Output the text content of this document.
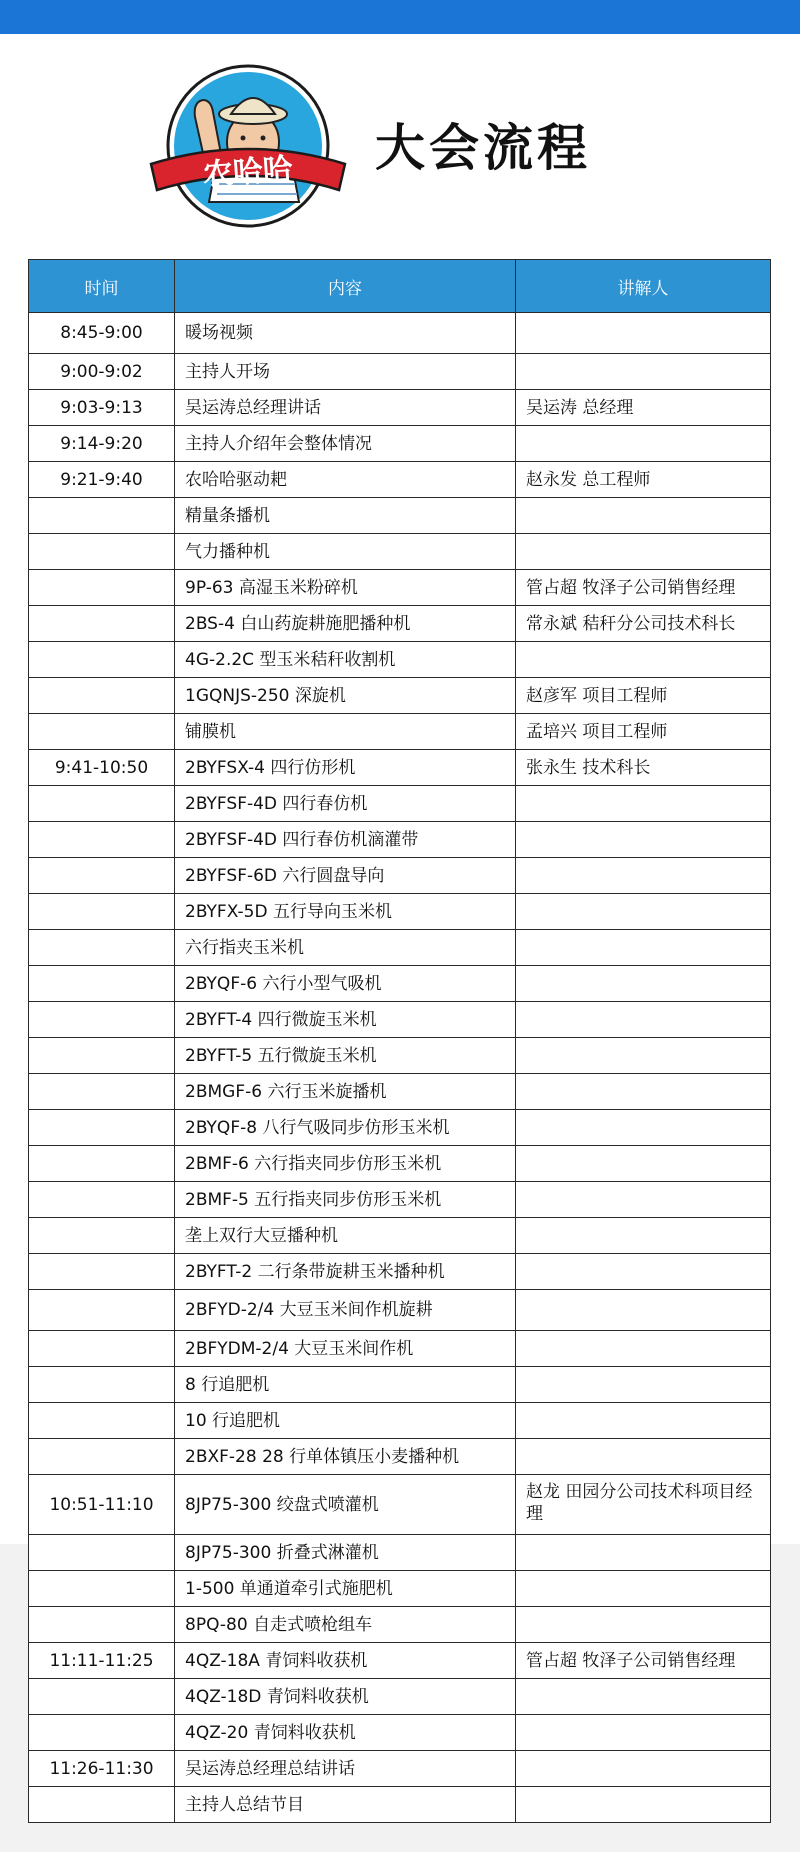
农哈哈 大会流程
时间	内容	讲解人
8:45-9:00	暖场视频	
9:00-9:02	主持人开场	
9:03-9:13	吴运涛总经理讲话	吴运涛 总经理
9:14-9:20	主持人介绍年会整体情况	
9:21-9:40	农哈哈驱动耙	赵永发 总工程师
	精量条播机	
	气力播种机	
	9P-63 高湿玉米粉碎机	管占超 牧泽子公司销售经理
	2BS-4 白山药旋耕施肥播种机	常永斌 秸秆分公司技术科长
	4G-2.2C 型玉米秸秆收割机	
	1GQNJS-250 深旋机	赵彦军 项目工程师
	铺膜机	孟培兴 项目工程师
9:41-10:50	2BYFSX-4 四行仿形机	张永生 技术科长
	2BYFSF-4D 四行春仿机	
	2BYFSF-4D 四行春仿机滴灌带	
	2BYFSF-6D 六行圆盘导向	
	2BYFX-5D 五行导向玉米机	
	六行指夹玉米机	
	2BYQF-6 六行小型气吸机	
	2BYFT-4 四行微旋玉米机	
	2BYFT-5 五行微旋玉米机	
	2BMGF-6 六行玉米旋播机	
	2BYQF-8 八行气吸同步仿形玉米机	
	2BMF-6 六行指夹同步仿形玉米机	
	2BMF-5 五行指夹同步仿形玉米机	
	垄上双行大豆播种机	
	2BYFT-2 二行条带旋耕玉米播种机	
	2BFYD-2/4 大豆玉米间作机旋耕	
	2BFYDM-2/4 大豆玉米间作机	
	8 行追肥机	
	10 行追肥机	
	2BXF-28 28 行单体镇压小麦播种机	
10:51-11:10	8JP75-300 绞盘式喷灌机	赵龙 田园分公司技术科项目经理
	8JP75-300 折叠式淋灌机	
	1-500 单通道牵引式施肥机	
	8PQ-80 自走式喷枪组车	
11:11-11:25	4QZ-18A 青饲料收获机	管占超 牧泽子公司销售经理
	4QZ-18D 青饲料收获机	
	4QZ-20 青饲料收获机	
11:26-11:30	吴运涛总经理总结讲话	
	主持人总结节目	
